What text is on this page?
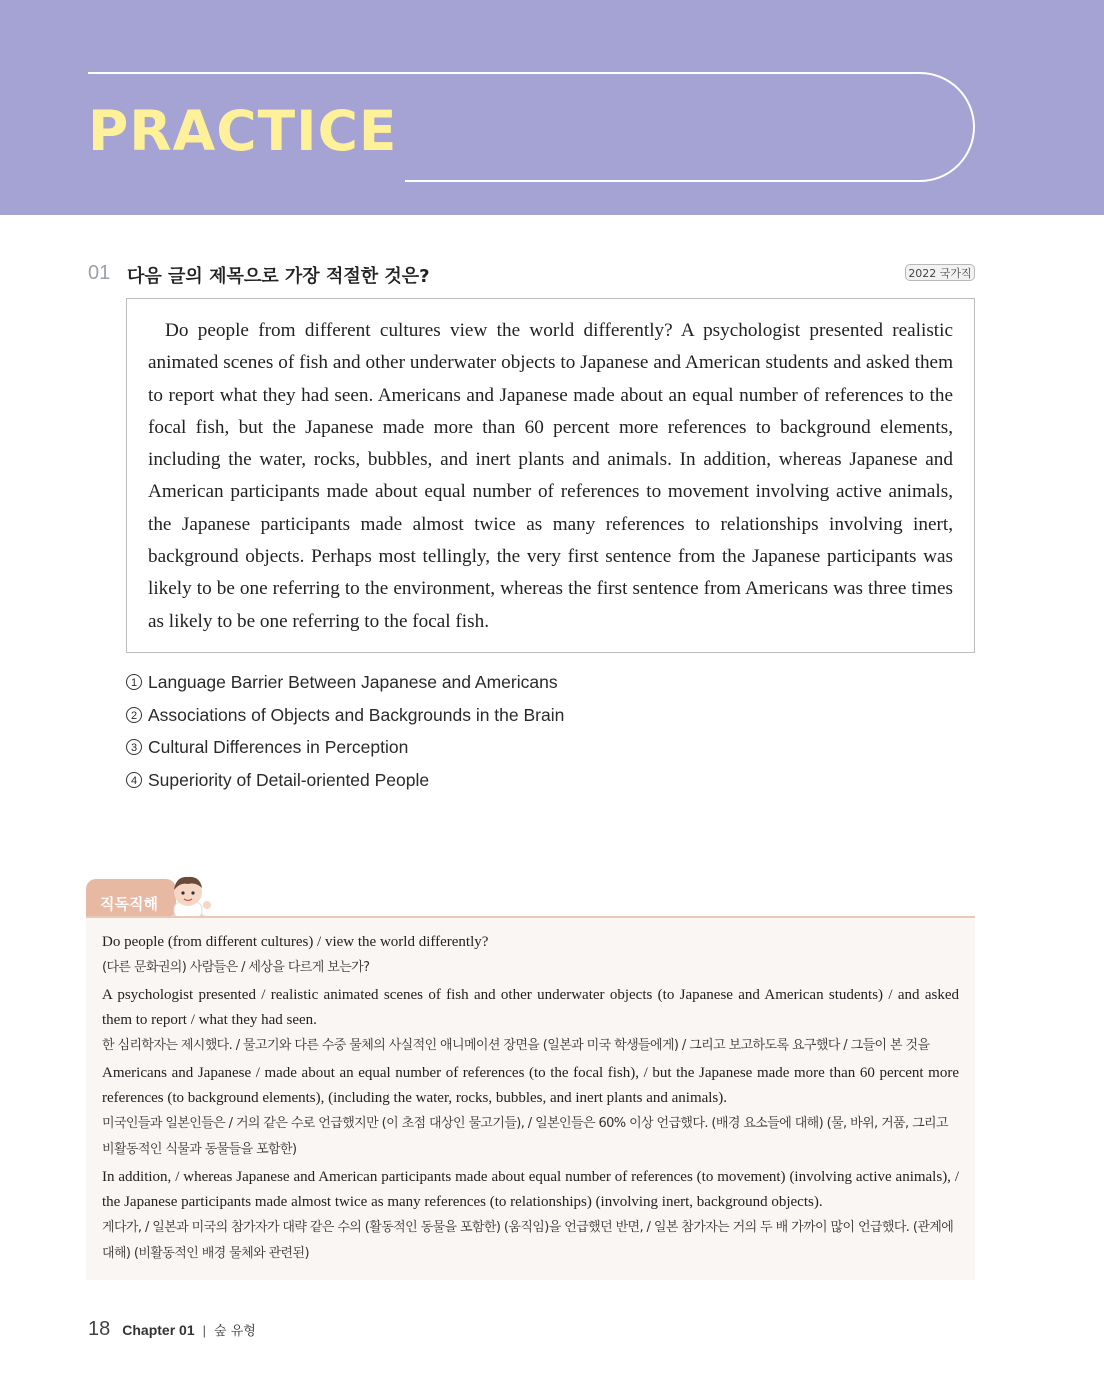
PRACTICE
01 다음 글의 제목으로 가장 적절한 것은?	2022 국가직

Do people from different cultures view the world differently? A psychologist presented realistic animated scenes of fish and other underwater objects to Japanese and American students and asked them to report what they had seen. Americans and Japanese made about an equal number of references to the focal fish, but the Japanese made more than 60 percent more references to background elements, including the water, rocks, bubbles, and inert plants and animals. In addition, whereas Japanese and American participants made about equal number of references to movement involving active animals, the Japanese participants made almost twice as many references to relationships involving inert, background objects. Perhaps most tellingly, the very first sentence from the Japanese participants was likely to be one referring to the environment, whereas the first sentence from Americans was three times as likely to be one referring to the focal fish.

1 Language Barrier Between Japanese and Americans
2 Associations of Objects and Backgrounds in the Brain
3 Cultural Differences in Perception
4 Superiority of Detail-oriented People
직독직해

Do people (from different cultures) / view the world differently?

(다른 문화권의) 사람들은 / 세상을 다르게 보는가?

A psychologist presented / realistic animated scenes of fish and other underwater objects (to Japanese and American students) / and asked them to report / what they had seen.

한 심리학자는 제시했다. / 물고기와 다른 수중 물체의 사실적인 애니메이션 장면을 (일본과 미국 학생들에게) / 그리고 보고하도록 요구했다 / 그들이 본 것을

Americans and Japanese / made about an equal number of references (to the focal fish), / but the Japanese made more than 60 percent more references (to background elements), (including the water, rocks, bubbles, and inert plants and animals).

미국인들과 일본인들은 / 거의 같은 수로 언급했지만 (이 초점 대상인 물고기들), / 일본인들은 60% 이상 언급했다. (배경 요소들에 대해) (물, 바위, 거품, 그리고 비활동적인 식물과 동물들을 포함한)

In addition, / whereas Japanese and American participants made about equal number of references (to movement) (involving active animals), / the Japanese participants made almost twice as many references (to relationships) (involving inert, background objects).

게다가, / 일본과 미국의 참가자가 대략 같은 수의 (활동적인 동물을 포함한) (움직임)을 언급했던 반면, / 일본 참가자는 거의 두 배 가까이 많이 언급했다. (관계에 대해) (비활동적인 배경 물체와 관련된)

18 Chapter 01 | 숲 유형
